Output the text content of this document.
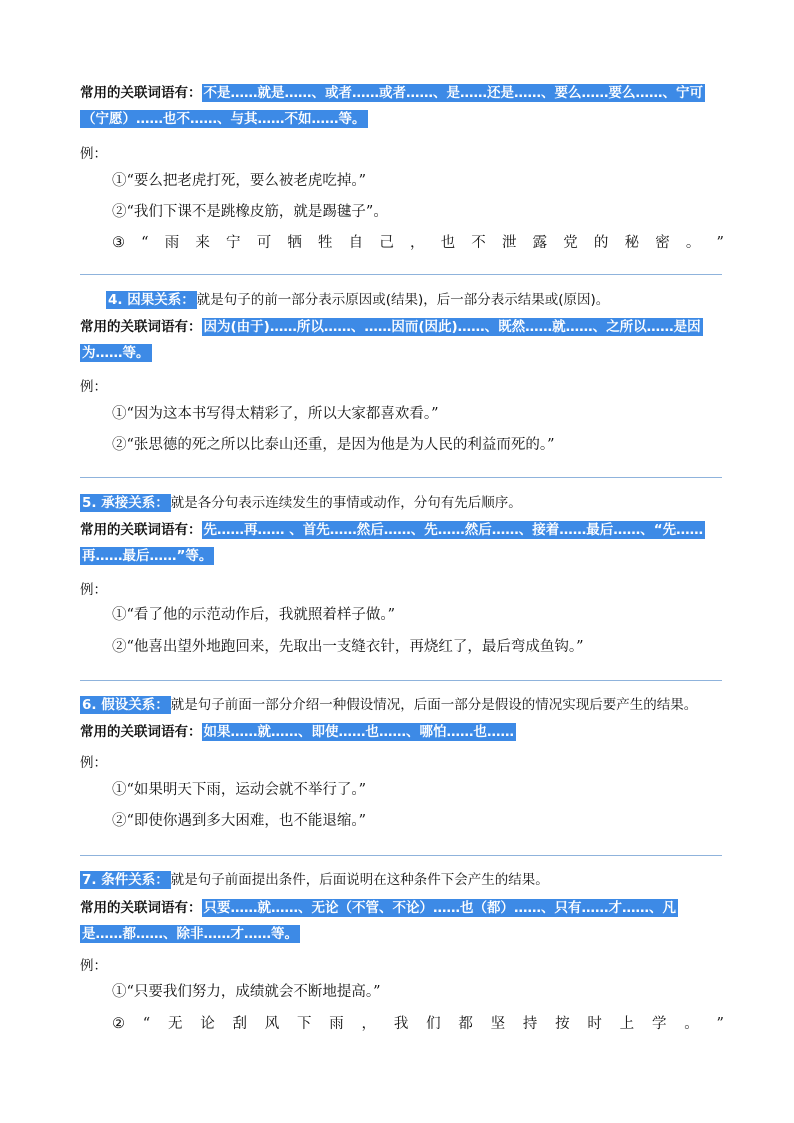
常用的关联词语有： 不是……就是……、或者……或者……、是……还是……、要么……要么……、宁可
（宁愿）……也不……、与其……不如……等。
例：
①“要么把老虎打死，要么被老虎吃掉。”
②“我们下课不是跳橡皮筋，就是踢毽子”。
③ “ 雨 来 宁 可 牺 牲 自 己 ， 也 不 泄 露 党 的 秘 密 。 ”
4. 因果关系： 就是句子的前一部分表示原因或(结果)，后一部分表示结果或(原因)。
常用的关联词语有： 因为(由于)……所以……、……因而(因此)……、既然……就……、之所以……是因
为……等。
例：
①“因为这本书写得太精彩了，所以大家都喜欢看。”
②“张思德的死之所以比泰山还重，是因为他是为人民的利益而死的。”
5. 承接关系： 就是各分句表示连续发生的事情或动作，分句有先后顺序。
常用的关联词语有： 先……再…… 、首先……然后……、先……然后……、接着……最后……、“先……
再……最后……”等。
例：
①“看了他的示范动作后，我就照着样子做。”
②“他喜出望外地跑回来，先取出一支缝衣针，再烧红了，最后弯成鱼钩。”
6. 假设关系： 就是句子前面一部分介绍一种假设情况，后面一部分是假设的情况实现后要产生的结果。
常用的关联词语有： 如果……就……、即使……也……、哪怕……也……
例：
①“如果明天下雨，运动会就不举行了。”
②“即使你遇到多大困难，也不能退缩。”
7. 条件关系： 就是句子前面提出条件，后面说明在这种条件下会产生的结果。
常用的关联词语有： 只要……就……、无论（不管、不论）……也（都）……、只有……才……、凡
是……都……、除非……才……等。
例：
①“只要我们努力，成绩就会不断地提高。”
② “ 无 论 刮 风 下 雨 ， 我 们 都 坚 持 按 时 上 学 。 ”
